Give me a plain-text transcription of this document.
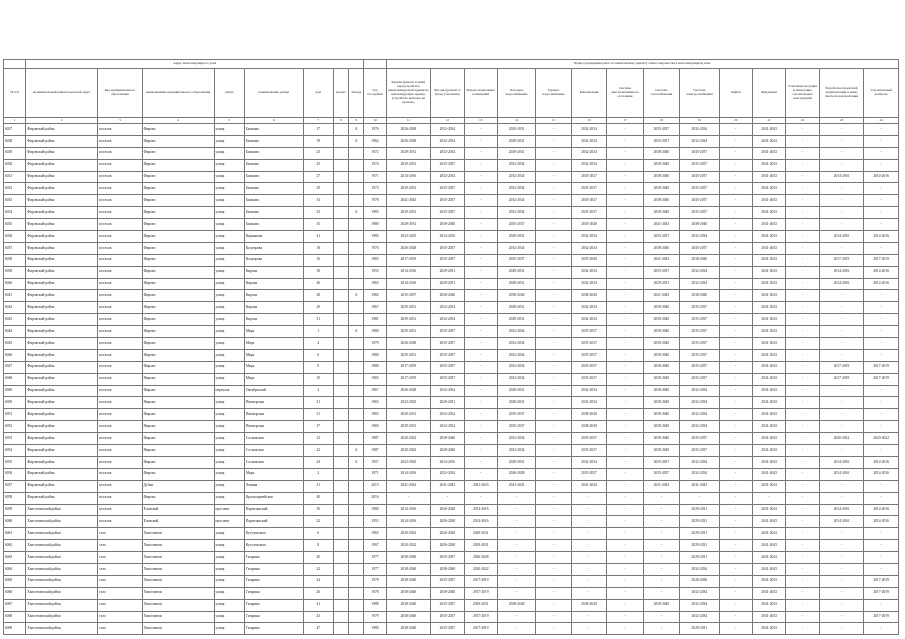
	Адрес многоквартирного дома									Период проведения работ по капитальному ремонту общего имущества в многоквартирном доме													
№ п/п	муниципальный район/городской округ	вид муниципального образования	наименование муниципального образования	улица	наименование улицы	дом	корпус	литера	Год постройки	Кровля (ремонт и (или) переустройство невентилируемой крыши на вентилируемую крышу, устройство выходов на кровлю)	Фасады (ремонт и (или) утепление)	Ремонт подвальных помещений	Холодное водоснабжение	Горячее водоснабжение	Канализация	Система централизованного отопления	Система газоснабжения	Система электроснабжения	Лифты	Фундамент	Утепление несущих и ненесущих строительных конструкций	Разработка проектной документации и (или) сметной документации	Строительный контроль
1	2	3	4	5	6	7	8	9	10	11	12	13	14	15	16	17	18	19	20	21	22	23	24
6027	Фировский район	поселок	Фирово	улица	Бычкова	17		А	1976	2026-2028	2032-2034	-	2029-2031	-	2032-2034	-	2035-2037	2032-2034	-	2041-2043	-	-	-
6028	Фировский район	поселок	Фирово	улица	Бычкова	19		А	1962	2026-2028	2032-2034	-	2029-2031	-	2032-2034	-	2035-2037	2032-2034	-	2041-2043	-	-	-
6029	Фировский район	поселок	Фирово	улица	Бычкова	23			1972	2029-2031	2032-2034	-	2029-2031	-	2032-2034	-	2038-2040	2035-2037	-	2041-2043	-	-	-
6030	Фировский район	поселок	Фирово	улица	Бычкова	25			1974	2029-2031	2035-2037	-	2032-2034	-	2032-2034	-	2038-2040	2035-2037	-	2041-2043	-	-	-
6031	Фировский район	поселок	Фирово	улица	Бычкова	27			1971	2014-2016	2032-2034	-	2032-2034	-	2035-2037	-	2038-2040	2035-2037	-	2041-2043	-	2014-2016	2014-2016
6032	Фировский район	поселок	Фирово	улица	Бычкова	29			1973	2029-2031	2035-2037	-	2032-2034	-	2035-2037	-	2038-2040	2035-2037	-	2041-2043	-	-	-
6033	Фировский район	поселок	Фирово	улица	Бычкова	33			1978	2041-2043	2035-2037	-	2032-2034	-	2035-2037	-	2038-2040	2035-2037	-	2041-2043	-	-	-
6034	Фировский район	поселок	Фирово	улица	Бычкова	33		А	1983	2029-2031	2035-2037	-	2032-2034	-	2035-2037	-	2038-2040	2035-2037	-	2041-2043	-	-	-
6035	Фировский район	поселок	Фирово	улица	Бычкова	35			1980	2029-2031	2038-2040	-	2035-2037	-	2035-2040	-	2041-2043	2038-2040	-	2041-2043	-	-	-
6036	Фировский район	поселок	Фирово	улица	Кирьянова	41			1984	2023-2025	2014-2016	-	2029-2031	-	2032-2034	-	2035-2037	2032-2034	-	2041-2043	-	2014-2016	2014-2016
6037	Фировский район	поселок	Фирово	улица	Калуцкова	18			1970	2026-2028	2035-2037	-	2032-2034	-	2032-2034	-	2038-2040	2035-2037	-	2041-2043	-	-	-
6038	Фировский район	поселок	Фирово	улица	Калуцкова	16			1983	2017-2019	2035-2037	-	2035-2037	-	2035-2040	-	2041-2043	2038-2040	-	2041-2043	-	2017-2019	2017-2019
6039	Фировский район	поселок	Фирово	улица	Кирова	18			1953	2014-2016	2029-2031	-	2029-2031	-	2032-2034	-	2035-2037	2032-2034	-	2041-2043	-	2014-2016	2014-2016
6040	Фировский район	поселок	Фирово	улица	Кирова	26			1963	2014-2016	2029-2031	-	2029-2031	-	2032-2034	-	2029-2031	2032-2034	-	2041-2043	-	2014-2016	2014-2016
6041	Фировский район	поселок	Фирово	улица	Кирова	28		А	1982	2035-2037	2038-2040	-	2038-2040	-	2038-2040	-	2041-2043	2038-2040	-	2041-2043	-	-	-
6042	Фировский район	поселок	Фирово	улица	Кирова	29			1967	2029-2031	2032-2034	-	2029-2031	-	2032-2034	-	2038-2040	2035-2037	-	2041-2043	-	-	-
6043	Фировский район	поселок	Фирово	улица	Кирова	31			1981	2029-2031	2032-2034	-	2029-2031	-	2032-2034	-	2038-2040	2035-2037	-	2041-2043	-	-	-
6044	Фировский район	поселок	Фирово	улица	Мира	1		А	1980	2029-2031	2035-2037	-	2032-2034	-	2035-2037	-	2038-2040	2035-2037	-	2041-2043	-	-	-
6045	Фировский район	поселок	Фирово	улица	Мира	4			1979	2026-2028	2035-2037	-	2032-2034	-	2035-2037	-	2038-2040	2035-2037	-	2041-2043	-	-	-
6046	Фировский район	поселок	Фирово	улица	Мира	6			1980	2029-2031	2035-2037	-	2032-2034	-	2035-2037	-	2038-2040	2035-2037	-	2041-2043	-	-	-
6047	Фировский район	поселок	Фирово	улица	Мира	8			1980	2017-2019	2035-2037	-	2032-2034	-	2035-2037	-	2038-2040	2035-2037	-	2041-2043	-	2017-2019	2017-2019
6048	Фировский район	поселок	Фирово	улица	Мира	10			1983	2017-2019	2035-2037	-	2032-2034	-	2035-2037	-	2038-2040	2035-2037	-	2041-2043	-	2017-2019	2017-2019
6049	Фировский район	поселок	Фирово	переулок	Октябрьский	2			1967	2026-2028	2032-2034	-	2029-2031	-	2032-2034	-	2038-2040	2032-2034	-	2041-2043	-	-	-
6050	Фировский район	поселок	Фирово	улица	Пионерская	21			1963	2023-2025	2029-2031	-	2029-2031	-	2032-2034	-	2038-2040	2032-2034	-	2041-2043	-	-	-
6051	Фировский район	поселок	Фирово	улица	Пионерская	31			1965	2029-2031	2032-2034	-	2035-2037	-	2038-2040	-	2038-2040	2032-2034	-	2041-2043	-	-	-
6052	Фировский район	поселок	Фирово	улица	Пионерская	37			1969	2029-2031	2032-2034	-	2035-2037	-	2038-2040	-	2038-2040	2032-2034	-	2041-2043	-	-	-
6053	Фировский район	поселок	Фирово	улица	Сосновская	22			1987	2020-2022	2038-2040	-	2032-2034	-	2035-2037	-	2038-2040	2035-2037	-	2041-2043	-	2020-2022	2020-2022
6054	Фировский район	поселок	Фирово	улица	Сосновская	22		А	1987	2020-2022	2038-2040	-	2032-2034	-	2035-2037	-	2038-2040	2035-2037	-	2041-2043	-	-	-
6055	Фировский район	поселок	Фирово	улица	Сосновская	24		А	1957	2023-2025	2014-2016	-	2029-2031	-	2032-2034	-	2035-2037	2032-2034	-	2041-2043	-	2014-2016	2014-2016
6056	Фировский район	поселок	Фирово	улица	Мира	2			1971	2014-2016	2032-2034	-	2026-2028	-	2035-2037	-	2035-2037	2032-2034	-	2041-2043	-	2014-2016	2014-2016
6057	Фировский район	поселок	Дубки	улица	Ленина	21			2013	2041-2043	2041-2043	2041-2043	2041-2043	-	2041-2043	-	2041-2043	2041-2043	-	2041-2043	-	-	-
6058	Фировский район	поселок	Фирово	улица	Красноармейская	40			2016	-	-	-	-	-	-	-	-	-	-	-	-	-	-
6059	Хвастовичский район	поселок	Еловский	проспект	Партизанский	30			1980	2014-2016	2026-2028	2014-2016	-	-	-	-	-	2029-2031	-	2041-2043	-	2014-2016	2014-2016
6060	Хвастовичский район	поселок	Еловский	проспект	Партизанский	32			1953	2014-2016	2026-2028	2014-2016	-	-	-	-	-	2029-2031	-	2041-2043	-	2014-2016	2014-2016
6061	Хвастовичский район	село	Хвастовичи	улица	Кутузовского	6			1965	2020-2022	2026-2028	2029-2031	-	-	-	-	-	2029-2031	-	2041-2043	-	-	-
6062	Хвастовичский район	село	Хвастовичи	улица	Кутузовского	8			1967	2020-2022	2026-2028	2029-2031	-	-	-	-	-	2029-2031	-	2041-2043	-	-	-
6063	Хвастовичский район	село	Хвастовичи	улица	Гагарина	20			1977	2038-2040	2035-2037	2026-2028	-	-	-	-	-	2029-2031	-	2041-2043	-	-	-
6064	Хвастовичский район	село	Хвастовичи	улица	Гагарина	22			1977	2038-2040	2038-2040	2020-2022	-	-	-	-	-	2032-2034	-	2041-2043	-	-	-
6065	Хвастовичский район	село	Хвастовичи	улица	Гагарина	24			1978	2038-2040	2035-2037	2017-2019	-	-	-	-	-	2026-2028	-	2041-2043	-	-	2017-2019
6066	Хвастовичский район	село	Хвастовичи	улица	Гагарина	26			1978	2038-2040	2038-2040	2017-2019	-	-	-	-	-	2032-2034	-	2041-2043	-	-	2017-2019
6067	Хвастовичский район	село	Хвастовичи	улица	Гагарина	41			1988	2038-2040	2035-2037	2029-2031	2038-2040	-	2038-2040	-	2038-2040	2032-2034	-	2041-2043	-	-	-
6068	Хвастовичский район	село	Хвастовичи	улица	Гагарина	43			1979	2038-2040	2035-2037	2017-2019	-	-	-	-	-	2032-2034	-	2041-2043	-	-	2017-2019
6069	Хвастовичский район	село	Хвастовичи	улица	Гагарина	47			1980	2038-2040	2035-2037	2017-2019	-	-	-	-	-	2029-2031	-	2041-2043	-	-	-
